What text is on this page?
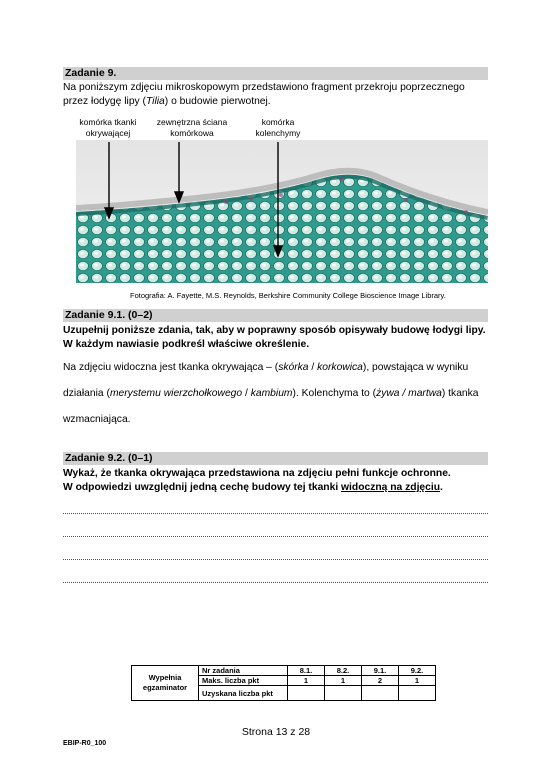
Zadanie 9.
Na poniższym zdjęciu mikroskopowym przedstawiono fragment przekroju poprzecznego
przez łodygę lipy (Tilia) o budowie pierwotnej.
komórka tkanki
okrywającej
zewnętrzna ściana
komórkowa
komórka
kolenchymy
Fotografia: A. Fayette, M.S. Reynolds, Berkshire Community College Bioscience Image Library.
Zadanie 9.1. (0–2)
Uzupełnij poniższe zdania, tak, aby w poprawny sposób opisywały budowę łodygi lipy.
W każdym nawiasie podkreśl właściwe określenie.
Na zdjęciu widoczna jest tkanka okrywająca – (skórka / korkowica), powstająca w wyniku
działania (merystemu wierzchołkowego / kambium). Kolenchyma to (żywa / martwa) tkanka
wzmacniająca.
Zadanie 9.2. (0–1)
Wykaż, że tkanka okrywająca przedstawiona na zdjęciu pełni funkcje ochronne.
W odpowiedzi uwzględnij jedną cechę budowy tej tkanki widoczną na zdjęciu.
Wypełnia
egzaminator	Nr zadania	8.1.	8.2.	9.1.	9.2.
	Maks. liczba pkt	1	1	2	1
	Uzyskana liczba pkt				
Strona 13 z 28
EBIP-R0_100
